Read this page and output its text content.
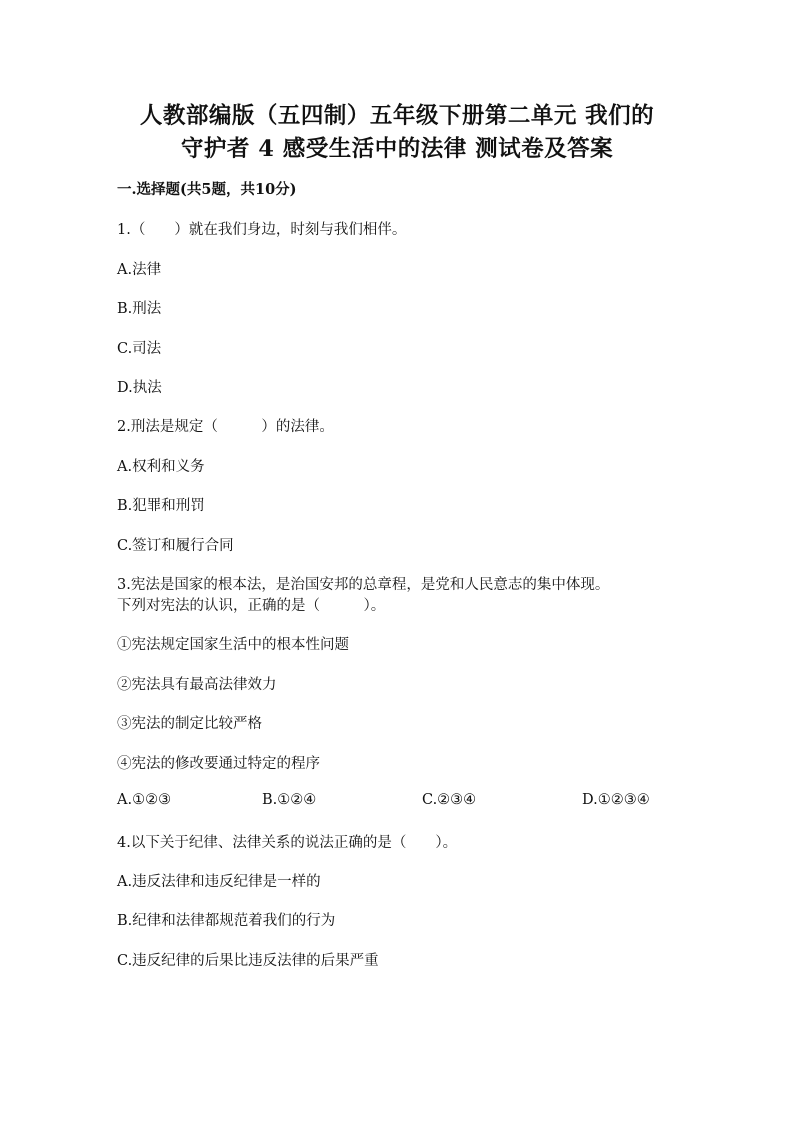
人教部编版（五四制）五年级下册第二单元 我们的
守护者 4 感受生活中的法律 测试卷及答案
一.选择题(共5题，共10分)
1.（　　）就在我们身边，时刻与我们相伴。
A.法律
B.刑法
C.司法
D.执法
2.刑法是规定（　　　）的法律。
A.权利和义务
B.犯罪和刑罚
C.签订和履行合同
3.宪法是国家的根本法，是治国安邦的总章程，是党和人民意志的集中体现。
下列对宪法的认识，正确的是（　　　）。
①宪法规定国家生活中的根本性问题
②宪法具有最高法律效力
③宪法的制定比较严格
④宪法的修改要通过特定的程序
A.①②③	B.①②④	C.②③④	D.①②③④
4.以下关于纪律、法律关系的说法正确的是（　　）。
A.违反法律和违反纪律是一样的
B.纪律和法律都规范着我们的行为
C.违反纪律的后果比违反法律的后果严重
